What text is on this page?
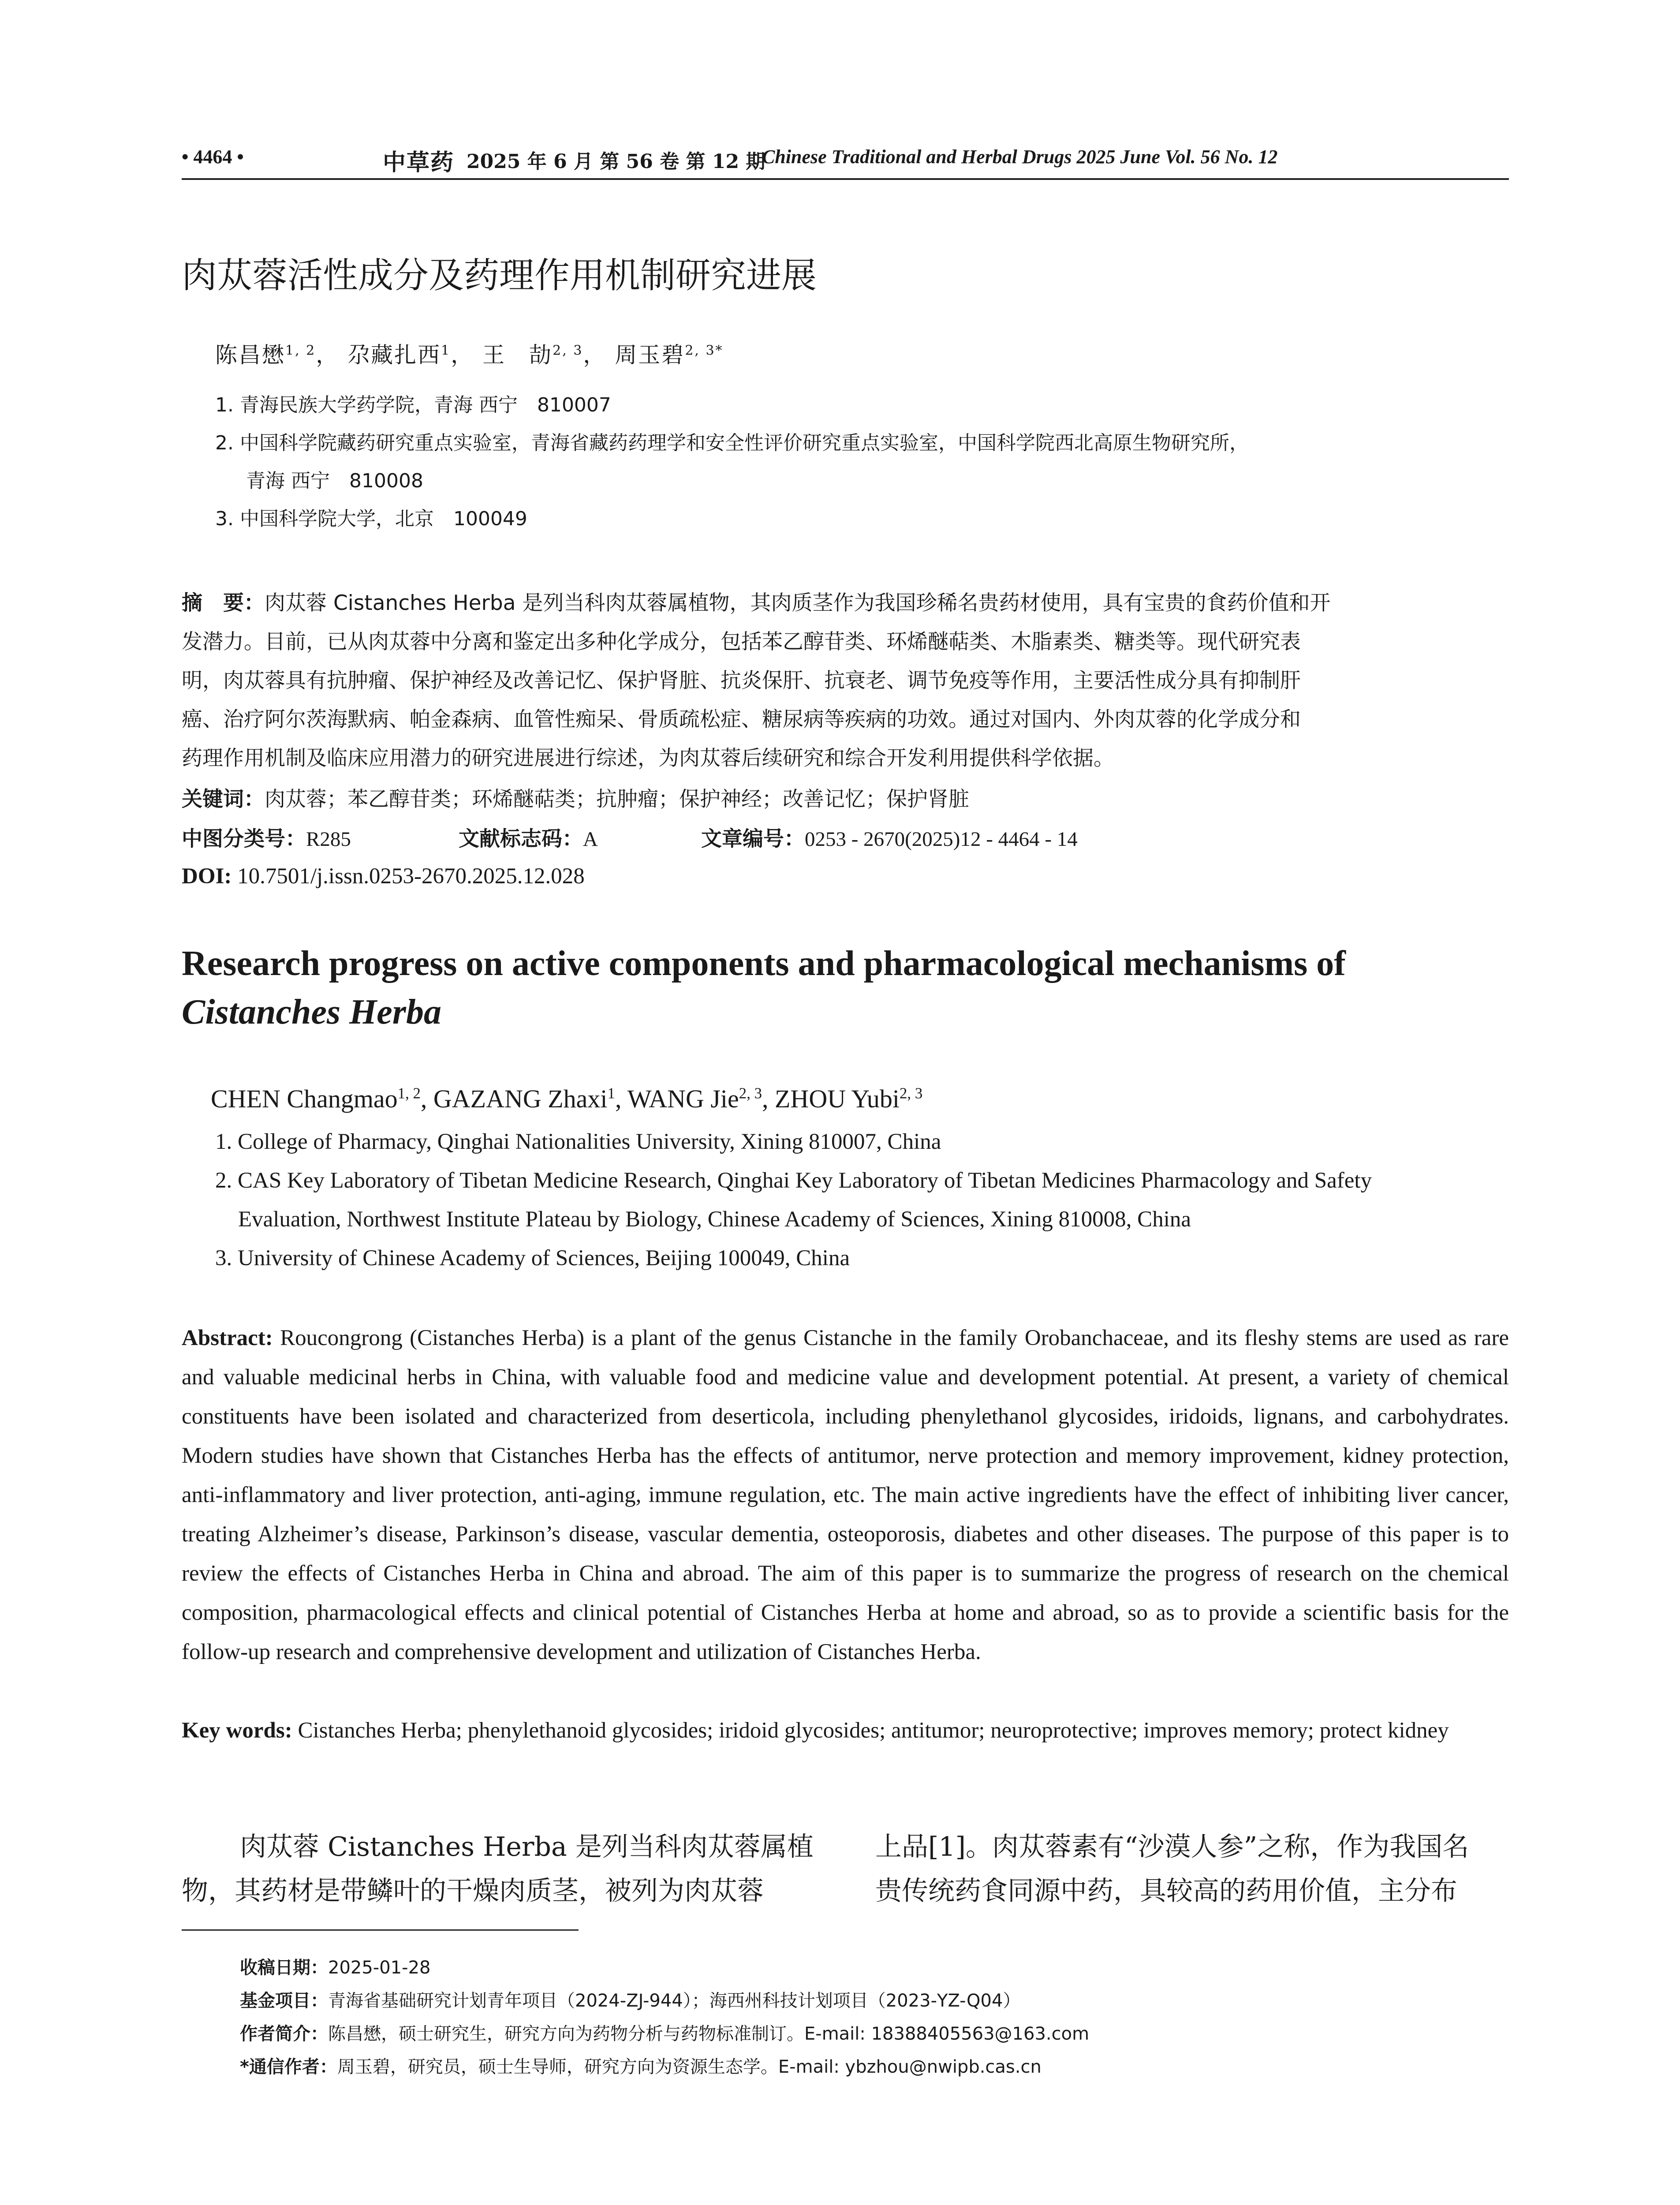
• 4464 •	中草药 2025 年 6 月 第 56 卷 第 12 期
Chinese Traditional and Herbal Drugs 2025 June Vol. 56 No. 12
肉苁蓉活性成分及药理作用机制研究进展
陈昌懋$^{1, 2}$， 尕藏扎西$^1$， 王　劼$^{2, 3}$， 周玉碧$^{2, 3*}$
1. 青海民族大学药学院，青海 西宁　810007
2. 中国科学院藏药研究重点实验室，青海省藏药药理学和安全性评价研究重点实验室，中国科学院西北高原生物研究所，
青海 西宁　810008
3. 中国科学院大学，北京　100049
摘　要：肉苁蓉 Cistanches Herba 是列当科肉苁蓉属植物，其肉质茎作为我国珍稀名贵药材使用，具有宝贵的食药价值和开
发潜力。目前，已从肉苁蓉中分离和鉴定出多种化学成分，包括苯乙醇苷类、环烯醚萜类、木脂素类、糖类等。现代研究表
明，肉苁蓉具有抗肿瘤、保护神经及改善记忆、保护肾脏、抗炎保肝、抗衰老、调节免疫等作用，主要活性成分具有抑制肝
癌、治疗阿尔茨海默病、帕金森病、血管性痴呆、骨质疏松症、糖尿病等疾病的功效。通过对国内、外肉苁蓉的化学成分和
药理作用机制及临床应用潜力的研究进展进行综述，为肉苁蓉后续研究和综合开发利用提供科学依据。
关键词：肉苁蓉；苯乙醇苷类；环烯醚萜类；抗肿瘤；保护神经；改善记忆；保护肾脏
中图分类号：R285	文献标志码：A	文章编号：0253 - 2670(2025)12 - 4464 - 14
DOI: 10.7501/j.issn.0253-2670.2025.12.028
Research progress on active components and pharmacological mechanisms of
Cistanches Herba
CHEN Changmao$^{1, 2}$, GAZANG Zhaxi$^1$, WANG Jie$^{2, 3}$, ZHOU Yubi$^{2, 3}$
1. College of Pharmacy, Qinghai Nationalities University, Xining 810007, China
2. CAS Key Laboratory of Tibetan Medicine Research, Qinghai Key Laboratory of Tibetan Medicines Pharmacology and Safety
Evaluation, Northwest Institute Plateau by Biology, Chinese Academy of Sciences, Xining 810008, China
3. University of Chinese Academy of Sciences, Beijing 100049, China
Abstract: Roucongrong (Cistanches Herba) is a plant of the genus Cistanche in the family Orobanchaceae, and its fleshy stems are used as rare and valuable medicinal herbs in China, with valuable food and medicine value and development potential. At present, a variety of chemical constituents have been isolated and characterized from deserticola, including phenylethanol glycosides, iridoids, lignans, and carbohydrates. Modern studies have shown that Cistanches Herba has the effects of antitumor, nerve protection and memory improvement, kidney protection, anti-inflammatory and liver protection, anti-aging, immune regulation, etc. The main active ingredients have the effect of inhibiting liver cancer, treating Alzheimer’s disease, Parkinson’s disease, vascular dementia, osteoporosis, diabetes and other diseases. The purpose of this paper is to review the effects of Cistanches Herba in China and abroad. The aim of this paper is to summarize the progress of research on the chemical composition, pharmacological effects and clinical potential of Cistanches Herba at home and abroad, so as to provide a scientific basis for the follow-up research and comprehensive development and utilization of Cistanches Herba.
Key words: Cistanches Herba; phenylethanoid glycosides; iridoid glycosides; antitumor; neuroprotective; improves memory; protect kidney
肉苁蓉 Cistanches Herba 是列当科肉苁蓉属植
物，其药材是带鳞叶的干燥肉质茎，被列为肉苁蓉
上品[1]。肉苁蓉素有“沙漠人参”之称，作为我国名
贵传统药食同源中药，具较高的药用价值，主分布
收稿日期：2025-01-28
基金项目：青海省基础研究计划青年项目（2024-ZJ-944）；海西州科技计划项目（2023-YZ-Q04）
作者简介：陈昌懋，硕士研究生，研究方向为药物分析与药物标准制订。E-mail: 18388405563@163.com
*通信作者：周玉碧，研究员，硕士生导师，研究方向为资源生态学。E-mail: ybzhou@nwipb.cas.cn
